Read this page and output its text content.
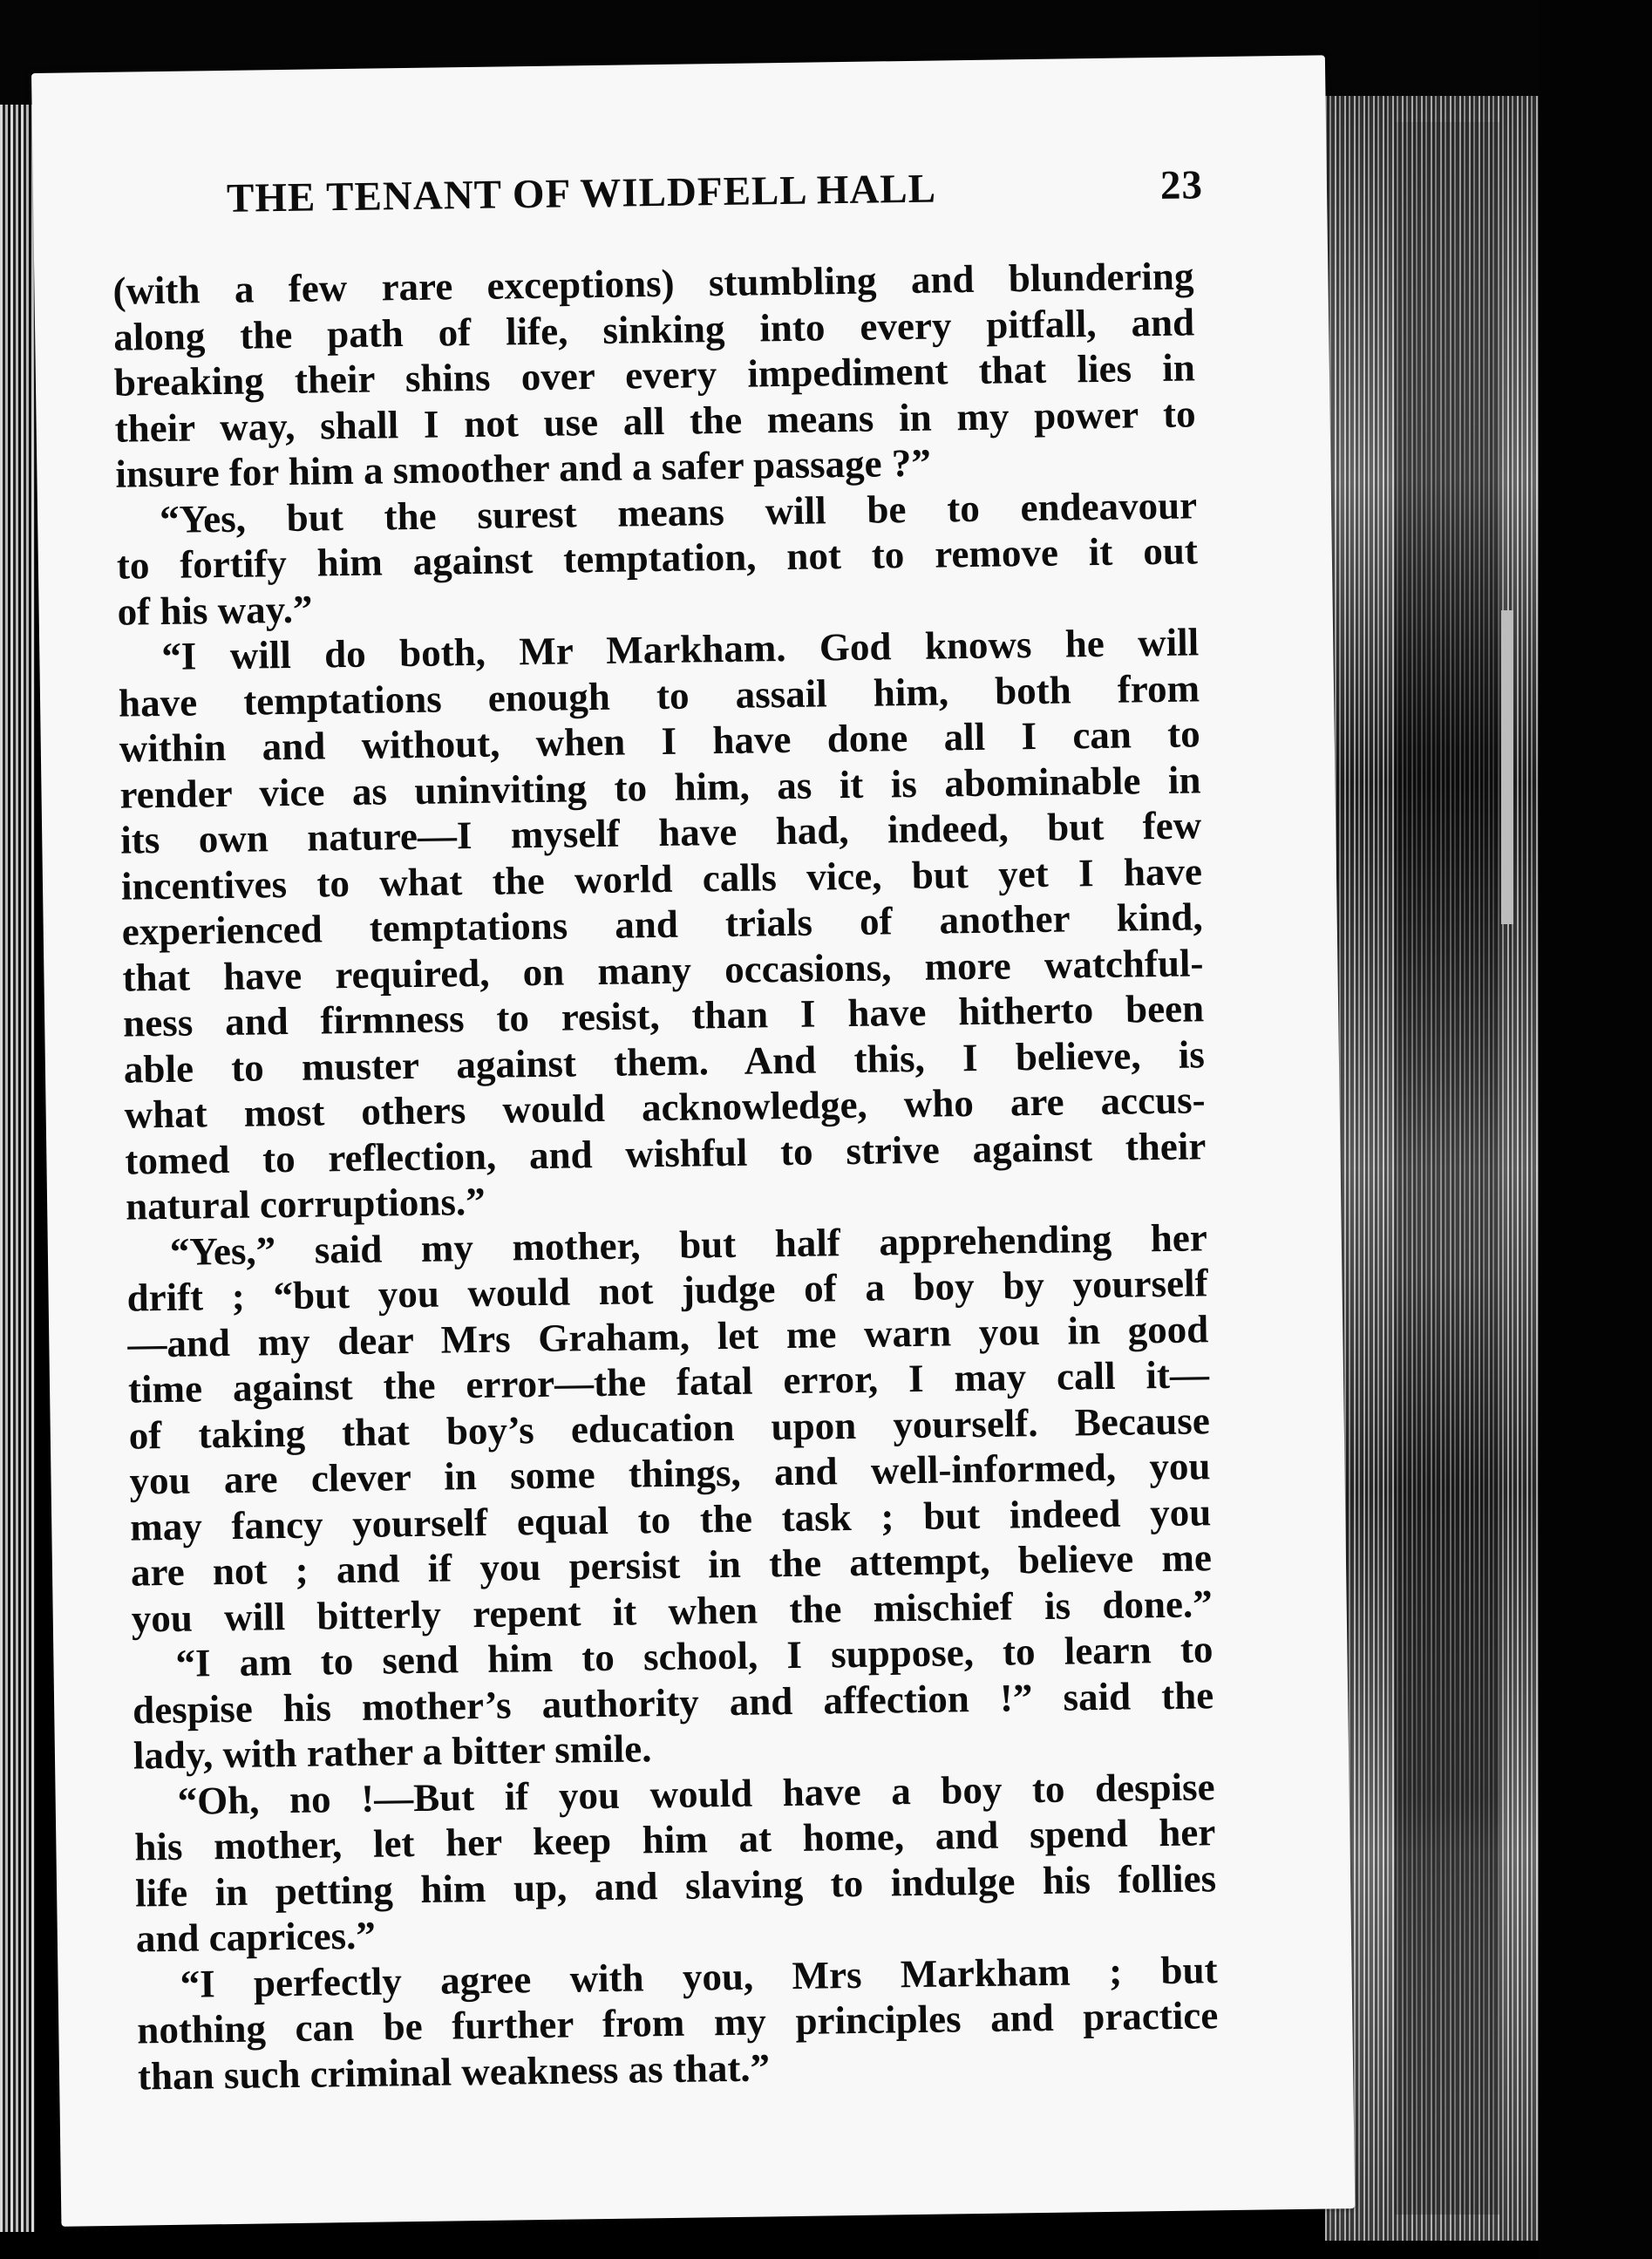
THE TENANT OF WILDFELL HALL	23
(with a few rare exceptions) stumbling and blundering
along the path of life, sinking into every pitfall, and
breaking their shins over every impediment that lies in
their way, shall I not use all the means in my power to
insure for him a smoother and a safer passage ?”
“Yes, but the surest means will be to endeavour
to fortify him against temptation, not to remove it out
of his way.”
“I will do both, Mr Markham. God knows he will
have temptations enough to assail him, both from
within and without, when I have done all I can to
render vice as uninviting to him, as it is abominable in
its own nature—I myself have had, indeed, but few
incentives to what the world calls vice, but yet I have
experienced temptations and trials of another kind,
that have required, on many occasions, more watchful-
ness and firmness to resist, than I have hitherto been
able to muster against them. And this, I believe, is
what most others would acknowledge, who are accus-
tomed to reflection, and wishful to strive against their
natural corruptions.”
“Yes,” said my mother, but half apprehending her
drift ; “but you would not judge of a boy by yourself
—and my dear Mrs Graham, let me warn you in good
time against the error—the fatal error, I may call it—
of taking that boy’s education upon yourself. Because
you are clever in some things, and well-informed, you
may fancy yourself equal to the task ; but indeed you
are not ; and if you persist in the attempt, believe me
you will bitterly repent it when the mischief is done.”
“I am to send him to school, I suppose, to learn to
despise his mother’s authority and affection !” said the
lady, with rather a bitter smile.
“Oh, no !—But if you would have a boy to despise
his mother, let her keep him at home, and spend her
life in petting him up, and slaving to indulge his follies
and caprices.”
“I perfectly agree with you, Mrs Markham ; but
nothing can be further from my principles and practice
than such criminal weakness as that.”
